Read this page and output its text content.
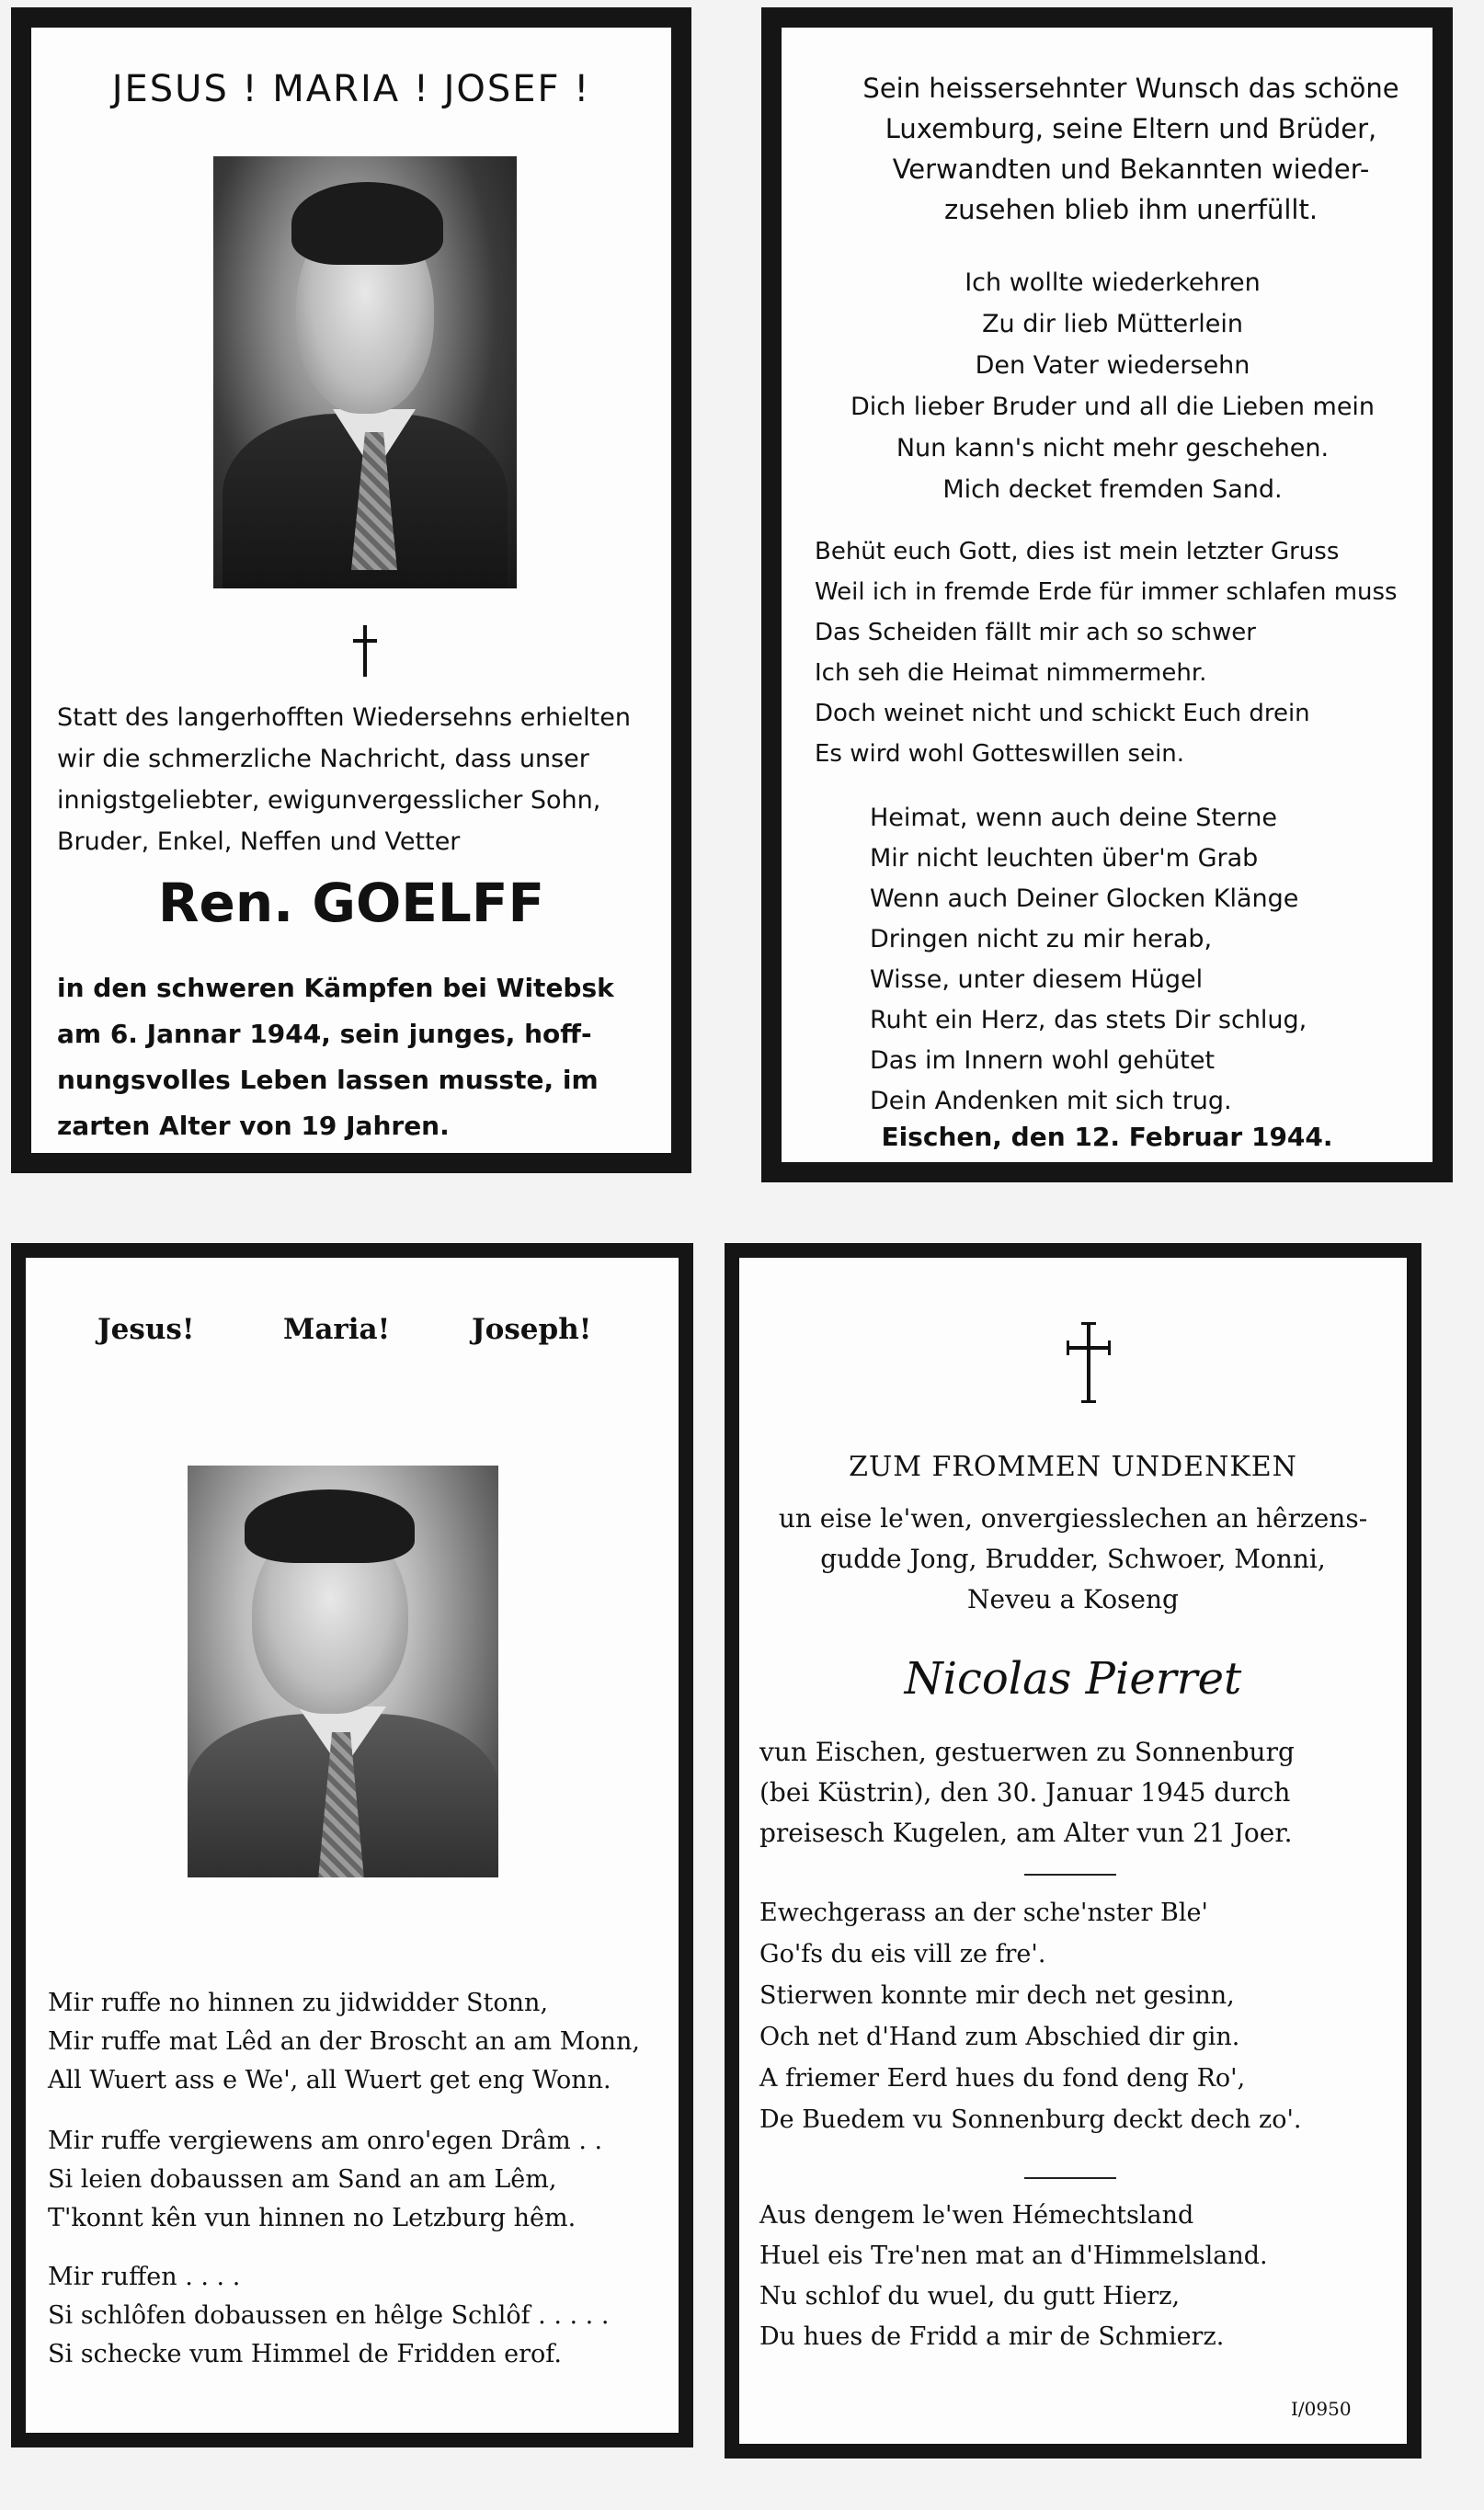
JESUS ! MARIA ! JOSEF !
Statt des langerhofften Wiedersehns erhielten
wir die schmerzliche Nachricht, dass unser
innigstgeliebter, ewigunvergesslicher Sohn,
Bruder, Enkel, Neffen und Vetter
Ren. GOELFF
in den schweren Kämpfen bei Witebsk
am 6. Jannar 1944, sein junges, hoff-
nungsvolles Leben lassen musste, im
zarten Alter von 19 Jahren.
Sein heissersehnter Wunsch das schöne
Luxemburg, seine Eltern und Brüder,
Verwandten und Bekannten wieder-
zusehen blieb ihm unerfüllt.
Ich wollte wiederkehren
Zu dir lieb Mütterlein
Den Vater wiedersehn
Dich lieber Bruder und all die Lieben mein
Nun kann's nicht mehr geschehen.
Mich decket fremden Sand.
Behüt euch Gott, dies ist mein letzter Gruss
Weil ich in fremde Erde für immer schlafen muss
Das Scheiden fällt mir ach so schwer
Ich seh die Heimat nimmermehr.
Doch weinet nicht und schickt Euch drein
Es wird wohl Gotteswillen sein.
Heimat, wenn auch deine Sterne
Mir nicht leuchten über'm Grab
Wenn auch Deiner Glocken Klänge
Dringen nicht zu mir herab,
Wisse, unter diesem Hügel
Ruht ein Herz, das stets Dir schlug,
Das im Innern wohl gehütet
Dein Andenken mit sich trug.
Eischen, den 12. Februar 1944.
Jesus!	Maria!	Joseph!
Mir ruffe no hinnen zu jidwidder Stonn,
Mir ruffe mat Lêd an der Broscht an am Monn,
All Wuert ass e We', all Wuert get eng Wonn.
Mir ruffe vergiewens am onro'egen Drâm . .
Si leien dobaussen am Sand an am Lêm,
T'konnt kên vun hinnen no Letzburg hêm.
Mir ruffen . . . .
Si schlôfen dobaussen en hêlge Schlôf . . . . .
Si schecke vum Himmel de Fridden erof.
ZUM FROMMEN UNDENKEN
un eise le'wen, onvergiesslechen an hêrzens-
gudde Jong, Brudder, Schwoer, Monni,
Neveu a Koseng
Nicolas Pierret
vun Eischen, gestuerwen zu Sonnenburg
(bei Küstrin), den 30. Januar 1945 durch
preisesch Kugelen, am Alter vun 21 Joer.
Ewechgerass an der sche'nster Ble'
Go'fs du eis vill ze fre'.
Stierwen konnte mir dech net gesinn,
Och net d'Hand zum Abschied dir gin.
A friemer Eerd hues du fond deng Ro',
De Buedem vu Sonnenburg deckt dech zo'.
Aus dengem le'wen Hémechtsland
Huel eis Tre'nen mat an d'Himmelsland.
Nu schlof du wuel, du gutt Hierz,
Du hues de Fridd a mir de Schmierz.
I/0950
